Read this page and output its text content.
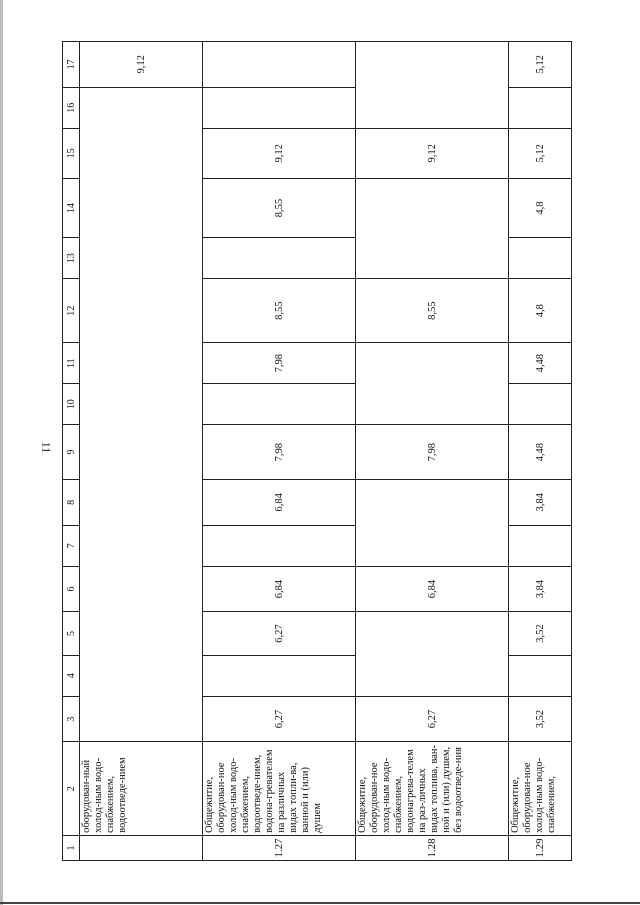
11
1	2	3	4	5	6	7	8	9	10	11	12	13	14	15	16	17
	оборудован-ный холод-ным водо-снабжением, водоотведе-нием															9,12
1.27	Общежитие, оборудован-ное холод-ным водо-снабжением, водоотведе-нием, водона-гревателем на различных видах топли-ва, ванной и (или) душем	6,27		6,27	6,84		6,84	7,98		7,98	8,55		8,55	9,12		
1.28	Общежитие, оборудован-ное холод-ным водо-снабжением, водонагрева-телем на раз-личных видах топлива, ван-ной и (или) душем, без водоотведе-ния	6,27			6,84			7,98			8,55			9,12		
1.29	Общежитие, оборудован-ное холод-ным водо-снабжением,	3,52		3,52	3,84		3,84	4,48		4,48	4,8		4,8	5,12		5,12
